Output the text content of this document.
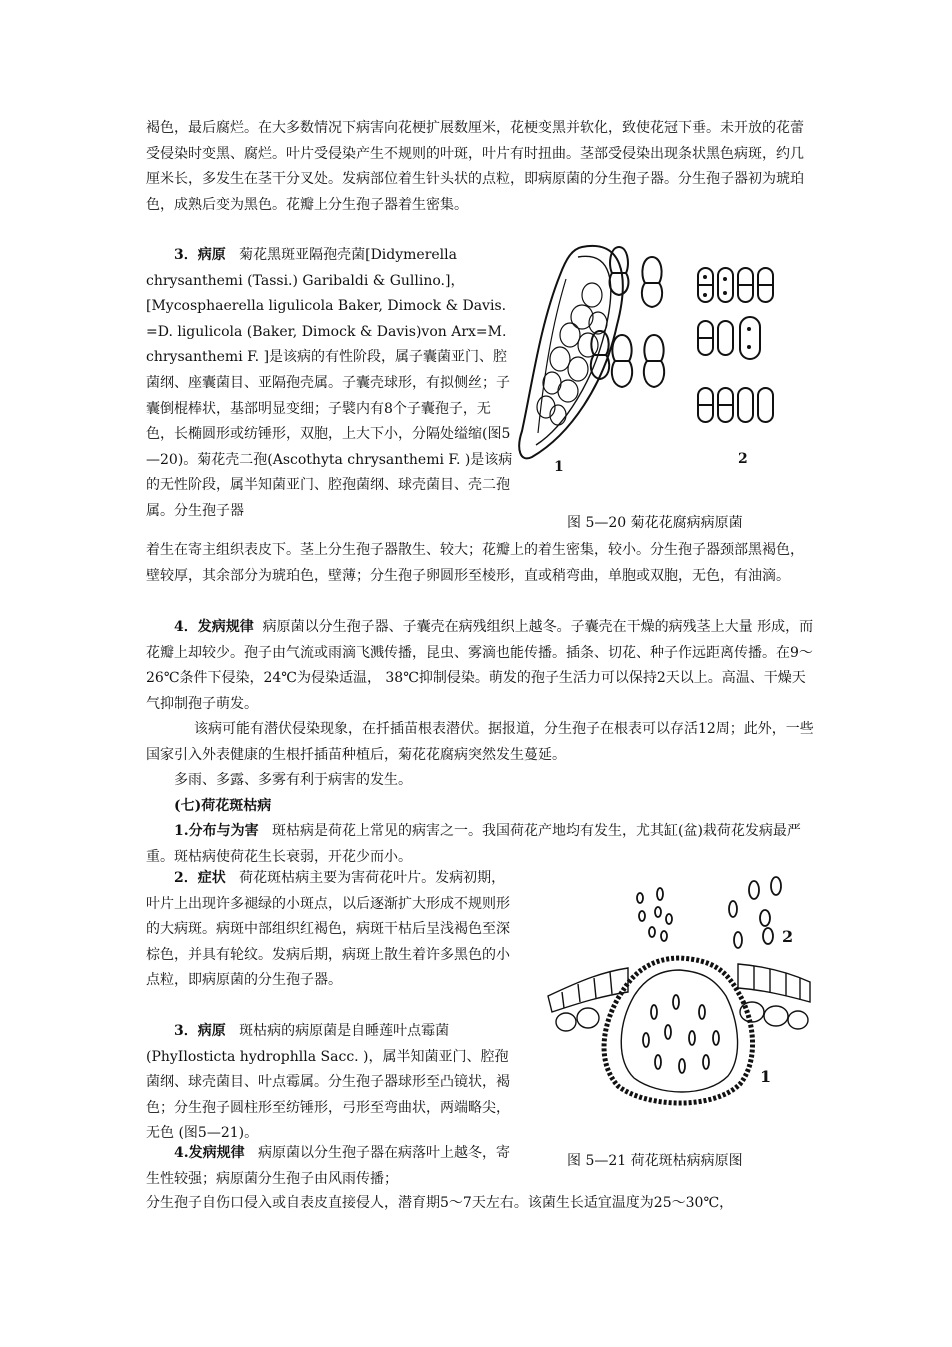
褐色，最后腐烂。在大多数情况下病害向花梗扩展数厘米，花梗变黑并软化，致使花冠下垂。未开放的花蕾受侵染时变黑、腐烂。叶片受侵染产生不规则的叶斑，叶片有时扭曲。茎部受侵染出现条状黑色病斑，约几厘米长，多发生在茎干分叉处。发病部位着生针头状的点粒，即病原菌的分生孢子器。分生孢子器初为琥珀色，成熟后变为黑色。花瓣上分生孢子器着生密集。

3．病原 菊花黑斑亚隔孢壳菌[Didymerella chrysanthemi (Tassi.) Garibaldi & Gullino.]，[Mycosphaerella ligulicola Baker, Dimock & Davis. =D. ligulicola (Baker, Dimock & Davis)von Arx=M. chrysanthemi F. ]是该病的有性阶段，属子囊菌亚门、腔菌纲、座囊菌目、亚隔孢壳属。子囊壳球形，有拟侧丝；子囊倒棍棒状，基部明显变细；子襞内有8个子囊孢子，无色，长椭圆形或纺锤形，双胞，上大下小，分隔处缢缩(图5—20)。菊花壳二孢(Ascothyta chrysanthemi F. )是该病的无性阶段，属半知菌亚门、腔孢菌纲、球壳菌目、壳二孢属。分生孢子器

1	2
图 5—20 菊花花腐病病原菌

着生在寄主组织表皮下。茎上分生孢子器散生、较大；花瓣上的着生密集，较小。分生孢子器颈部黑褐色，壁较厚，其余部分为琥珀色，壁薄；分生孢子卵圆形至棱形，直或稍弯曲，单胞或双胞，无色，有油滴。

4．发病规律 病原菌以分生孢子器、子囊壳在病残组织上越冬。子囊壳在干燥的病残茎上大量 形成，而花瓣上却较少。孢子由气流或雨滴飞溅传播，昆虫、雾滴也能传播。插条、切花、种子作远距离传播。在9～26℃条件下侵染，24℃为侵染适温， 38℃抑制侵染。萌发的孢子生活力可以保持2天以上。高温、干燥天气抑制孢子萌发。

该病可能有潜伏侵染现象，在扦插苗根表潜伏。据报道，分生孢子在根表可以存活12周；此外，一些国家引入外表健康的生根扦插苗种植后，菊花花腐病突然发生蔓延。

多雨、多露、多雾有利于病害的发生。

(七)荷花斑枯病

1.分布与为害 斑枯病是荷花上常见的病害之一。我国荷花产地均有发生，尤其缸(盆)栽荷花发病最严重。斑枯病使荷花生长衰弱，开花少而小。

2．症状 荷花斑枯病主要为害荷花叶片。发病初期，叶片上出现许多褪绿的小斑点，以后逐渐扩大形成不规则形的大病斑。病斑中部组织红褐色，病斑干枯后呈浅褐色至深棕色，并具有轮纹。发病后期，病斑上散生着许多黑色的小点粒，即病原菌的分生孢子器。

3．病原 斑枯病的病原菌是自睡莲叶点霉菌(PhyIlosticta hydrophlla Sacc. )，属半知菌亚门、腔孢菌纲、球壳菌目、叶点霉属。分生孢子器球形至凸镜状，褐色；分生孢子圆柱形至纺锤形，弓形至弯曲状，两端略尖，无色 (图5—21)。

4.发病规律 病原菌以分生孢子器在病落叶上越冬，寄生性较强；病原菌分生孢子由风雨传播；

1
2
图 5—21 荷花斑枯病病原图

分生孢子自伤口侵入或自表皮直接侵人，潜育期5～7天左右。该菌生长适宜温度为25～30℃，
